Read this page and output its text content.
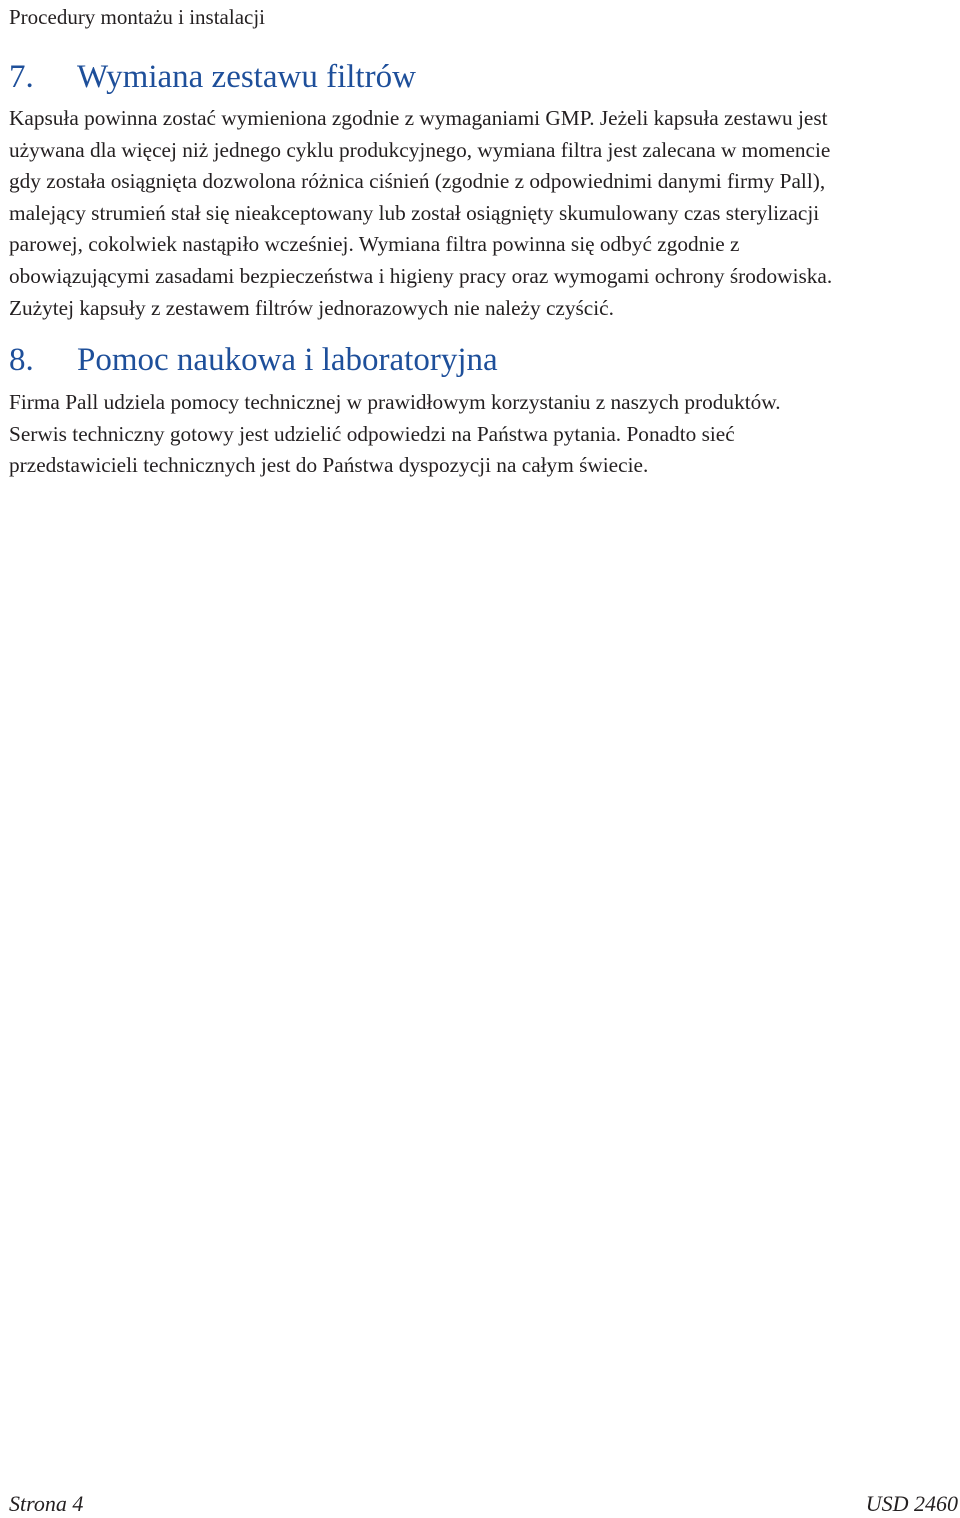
Procedury montażu i instalacji
7. Wymiana zestawu filtrów

Kapsuła powinna zostać wymieniona zgodnie z wymaganiami GMP. Jeżeli kapsuła zestawu jest
używana dla więcej niż jednego cyklu produkcyjnego, wymiana filtra jest zalecana w momencie
gdy została osiągnięta dozwolona różnica ciśnień (zgodnie z odpowiednimi danymi firmy Pall),
malejący strumień stał się nieakceptowany lub został osiągnięty skumulowany czas sterylizacji
parowej, cokolwiek nastąpiło wcześniej. Wymiana filtra powinna się odbyć zgodnie z
obowiązującymi zasadami bezpieczeństwa i higieny pracy oraz wymogami ochrony środowiska.
Zużytej kapsuły z zestawem filtrów jednorazowych nie należy czyścić.

8. Pomoc naukowa i laboratoryjna

Firma Pall udziela pomocy technicznej w prawidłowym korzystaniu z naszych produktów.
Serwis techniczny gotowy jest udzielić odpowiedzi na Państwa pytania. Ponadto sieć
przedstawicieli technicznych jest do Państwa dyspozycji na całym świecie.

Strona 4	USD 2460
